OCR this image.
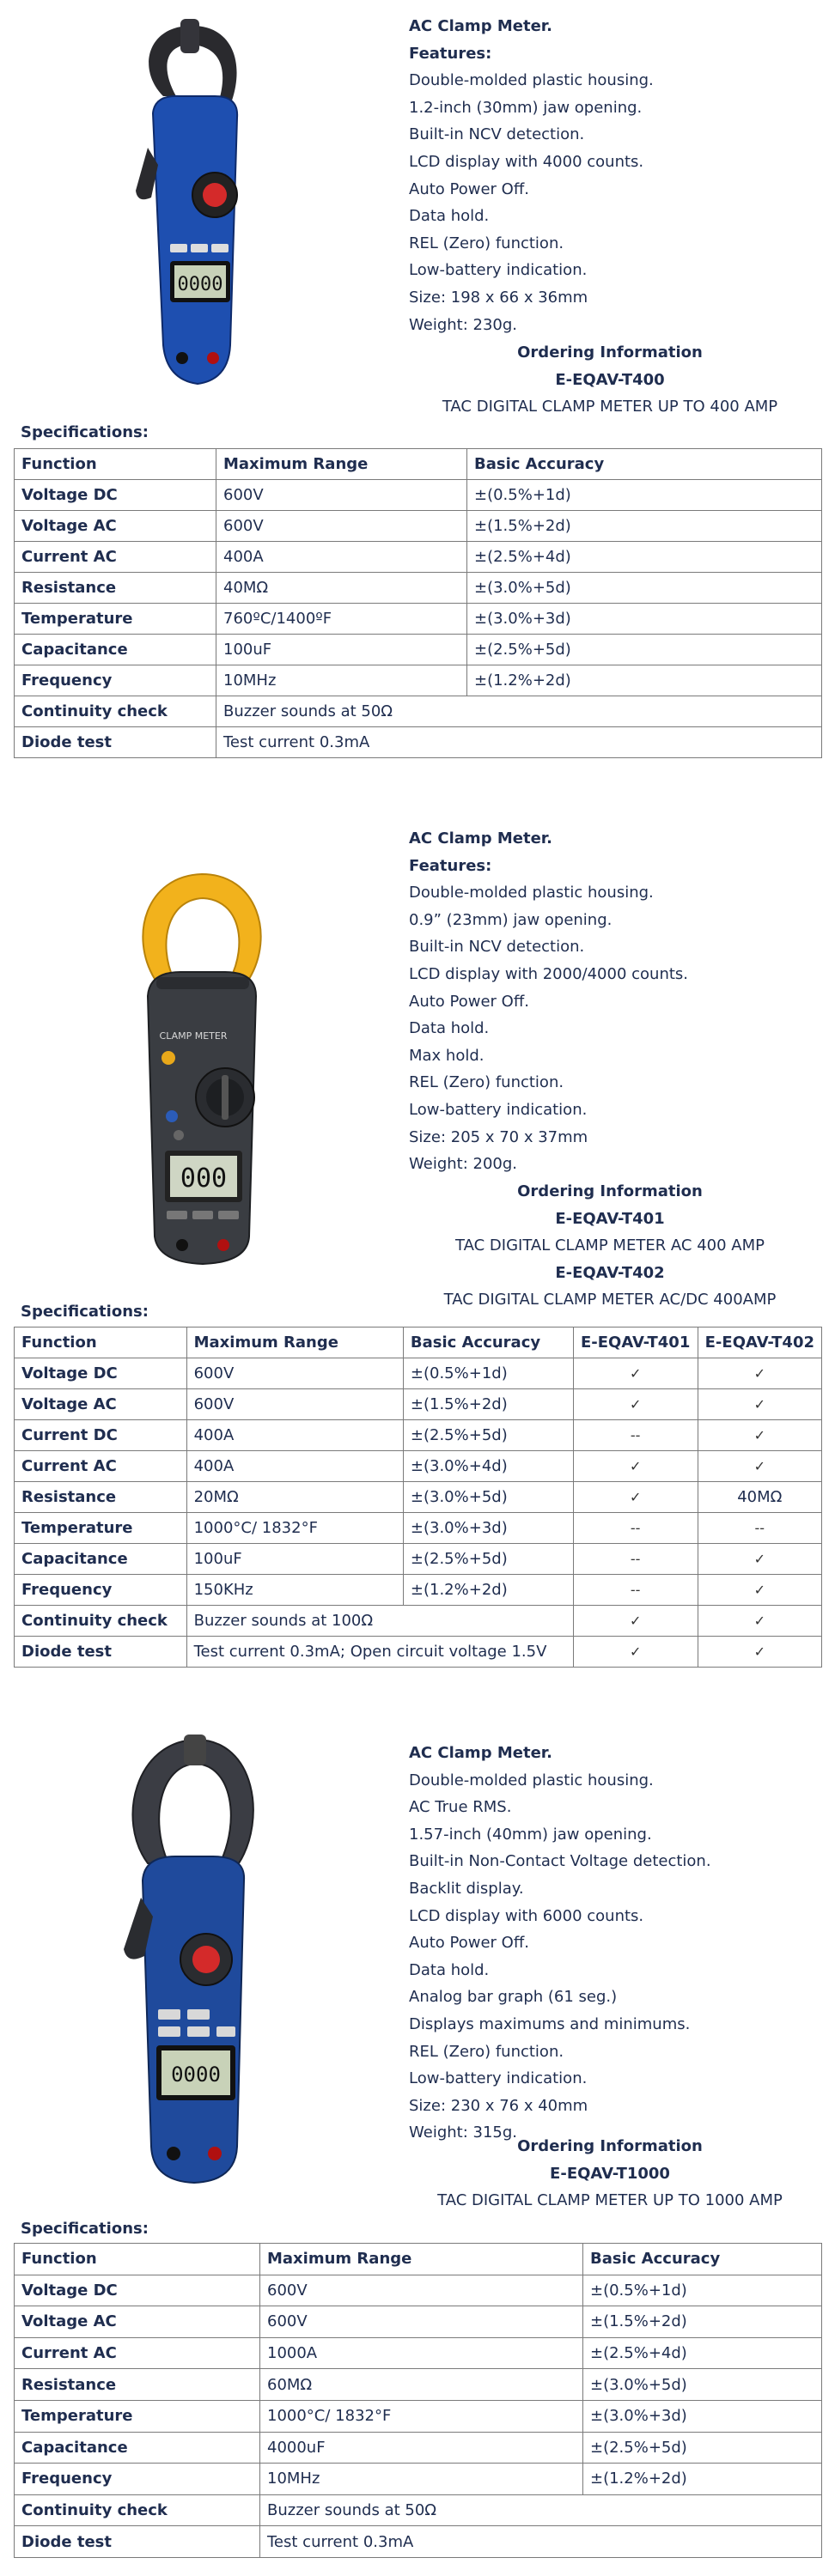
0000
AC Clamp Meter.
Features:
Double-molded plastic housing.
1.2-inch (30mm) jaw opening.
Built-in NCV detection.
LCD display with 4000 counts.
Auto Power Off.
Data hold.
REL (Zero) function.
Low-battery indication.
Size: 198 x 66 x 36mm
Weight: 230g.
Ordering Information
E-EQAV-T400
TAC DIGITAL CLAMP METER UP TO 400 AMP
Specifications:
Function	Maximum Range	Basic Accuracy
Voltage DC	600V	±(0.5%+1d)
Voltage AC	600V	±(1.5%+2d)
Current AC	400A	±(2.5%+4d)
Resistance	40MΩ	±(3.0%+5d)
Temperature	760ºC/1400ºF	±(3.0%+3d)
Capacitance	100uF	±(2.5%+5d)
Frequency	10MHz	±(1.2%+2d)
Continuity check	Buzzer sounds at 50Ω	
Diode test	Test current 0.3mA	
CLAMP METER
000
AC Clamp Meter.
Features:
Double-molded plastic housing.
0.9” (23mm) jaw opening.
Built-in NCV detection.
LCD display with 2000/4000 counts.
Auto Power Off.
Data hold.
Max hold.
REL (Zero) function.
Low-battery indication.
Size: 205 x 70 x 37mm
Weight: 200g.
Ordering Information
E-EQAV-T401
TAC DIGITAL CLAMP METER AC 400 AMP
E-EQAV-T402
TAC DIGITAL CLAMP METER AC/DC 400AMP
Specifications:
Function	Maximum Range	Basic Accuracy	E-EQAV-T401	E-EQAV-T402
Voltage DC	600V	±(0.5%+1d)	✓	✓
Voltage AC	600V	±(1.5%+2d)	✓	✓
Current DC	400A	±(2.5%+5d)	--	✓
Current AC	400A	±(3.0%+4d)	✓	✓
Resistance	20MΩ	±(3.0%+5d)	✓	40MΩ
Temperature	1000°C/ 1832°F	±(3.0%+3d)	--	--
Capacitance	100uF	±(2.5%+5d)	--	✓
Frequency	150KHz	±(1.2%+2d)	--	✓
Continuity check	Buzzer sounds at 100Ω		✓	✓
Diode test	Test current 0.3mA; Open circuit voltage 1.5V		✓	✓
0000
AC Clamp Meter.
Double-molded plastic housing.
AC True RMS.
1.57-inch (40mm) jaw opening.
Built-in Non-Contact Voltage detection.
Backlit display.
LCD display with 6000 counts.
Auto Power Off.
Data hold.
Analog bar graph (61 seg.)
Displays maximums and minimums.
REL (Zero) function.
Low-battery indication.
Size: 230 x 76 x 40mm
Weight: 315g.
Ordering Information
E-EQAV-T1000
TAC DIGITAL CLAMP METER UP TO 1000 AMP
Specifications:
Function	Maximum Range	Basic Accuracy
Voltage DC	600V	±(0.5%+1d)
Voltage AC	600V	±(1.5%+2d)
Current AC	1000A	±(2.5%+4d)
Resistance	60MΩ	±(3.0%+5d)
Temperature	1000°C/ 1832°F	±(3.0%+3d)
Capacitance	4000uF	±(2.5%+5d)
Frequency	10MHz	±(1.2%+2d)
Continuity check	Buzzer sounds at 50Ω	
Diode test	Test current 0.3mA	
